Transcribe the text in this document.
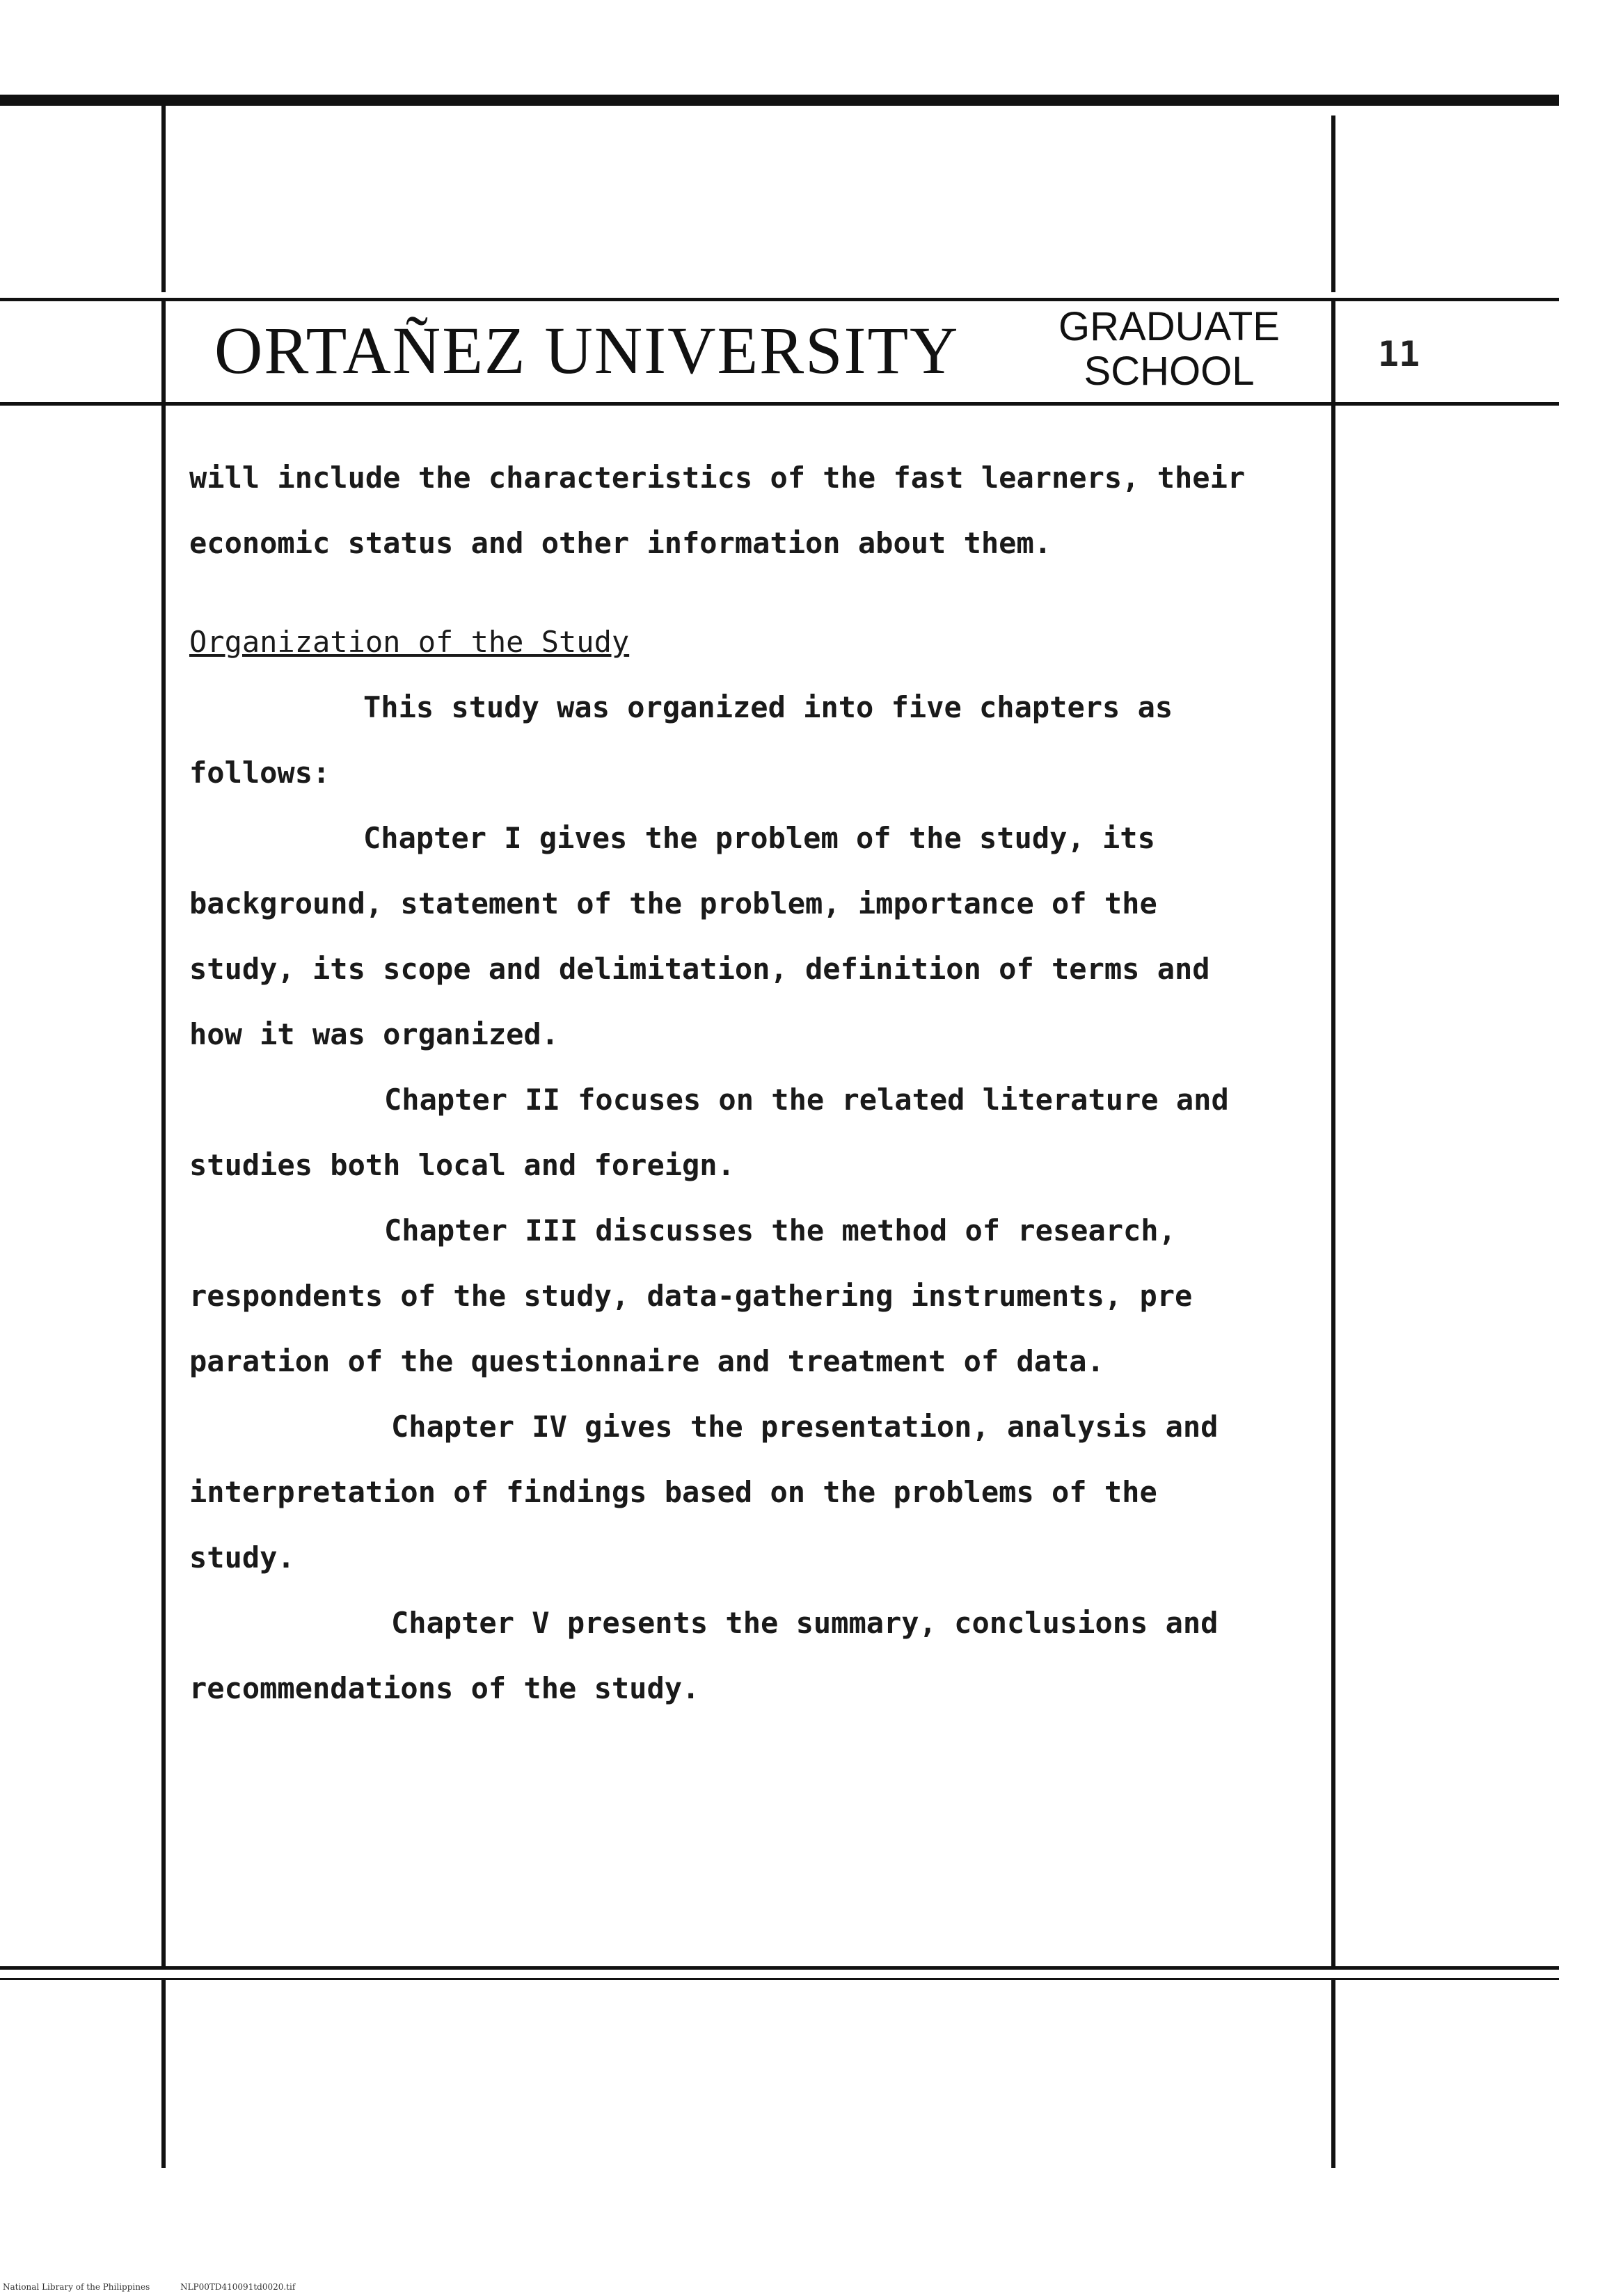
ORTAÑEZ UNIVERSITY	GRADUATE
SCHOOL	11

will include the characteristics of the fast learners, their

economic status and other information about them.

Organization of the Study

This study was organized into five chapters as

follows:

Chapter I gives the problem of the study, its

background, statement of the problem, importance of the

study, its scope and delimitation, definition of terms and

how it was organized.

Chapter II focuses on the related literature and

studies both local and foreign.

Chapter III discusses the method of research,

respondents of the study, data-gathering instruments, pre

paration of the questionnaire and treatment of data.

Chapter IV gives the presentation, analysis and

interpretation of findings based on the problems of the

study.

Chapter V presents the summary, conclusions and

recommendations of the study.

National Library of the Philippines	NLP00TD410091td0020.tif
